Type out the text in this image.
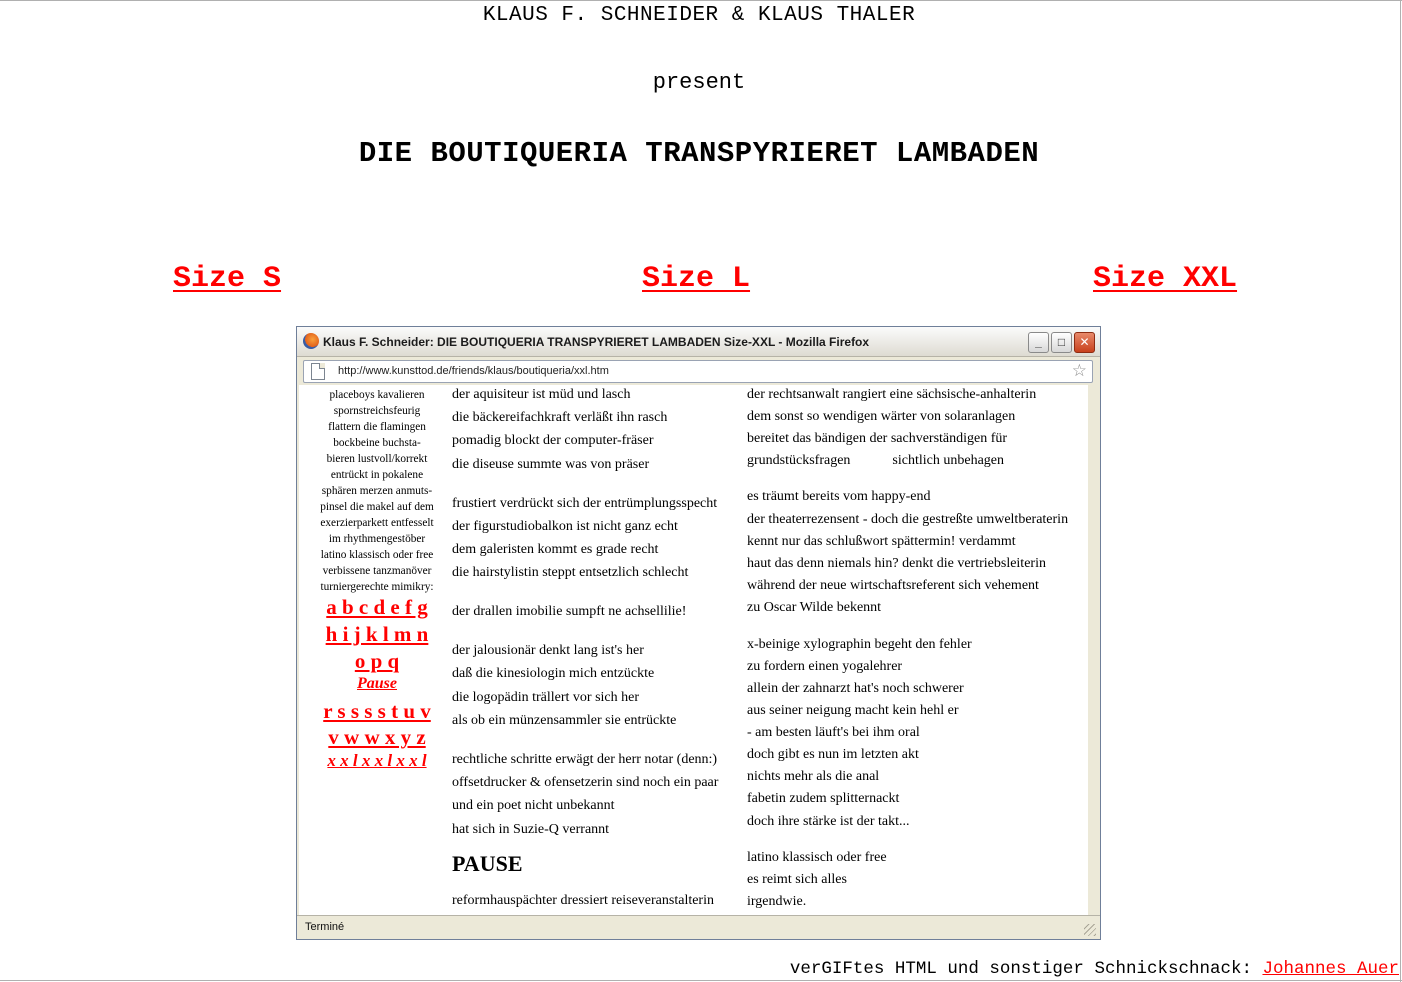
KLAUS F. SCHNEIDER & KLAUS THALER
present
DIE BOUTIQUERIA TRANSPYRIERET LAMBADEN
Size S	Size L	Size XXL
Klaus F. Schneider: DIE BOUTIQUERIA TRANSPYRIERET LAMBADEN Size-XXL - Mozilla Firefox	_	□	✕
http://www.kunsttod.de/friends/klaus/boutiqueria/xxl.htm	☆
placeboys kavalieren
spornstreichsfeurig
flattern die flamingen
bockbeine buchsta-
bieren lustvoll/korrekt
entrückt in pokalene
sphären merzen anmuts-
pinsel die makel auf dem
exerzierparkett entfesselt
im rhythmengestöber
latino klassisch oder free
verbissene tanzmanöver
turniergerechte mimikry:
a b c d e f g
h i j k l m n
o p q
Pause
r s s s s t u v
v w w x y z
x x l x x l x x l
der aquisiteur ist müd und lasch
die bäckereifachkraft verläßt ihn rasch
pomadig blockt der computer-fräser
die diseuse summte was von präser
frustiert verdrückt sich der entrümplungsspecht
der figurstudiobalkon ist nicht ganz echt
dem galeristen kommt es grade recht
die hairstylistin steppt entsetzlich schlecht
der drallen imobilie sumpft ne achsellilie!
der jalousionär denkt lang ist's her
daß die kinesiologin mich entzückte
die logopädin trällert vor sich her
als ob ein münzensammler sie entrückte
rechtliche schritte erwägt der herr notar (denn:)
offsetdrucker & ofensetzerin sind noch ein paar
und ein poet nicht unbekannt
hat sich in Suzie-Q verrannt
PAUSE
reformhauspächter dressiert reiseveranstalterin
der rechtsanwalt rangiert eine sächsische-anhalterin
dem sonst so wendigen wärter von solaranlagen
bereitet das bändigen der sachverständigen für
grundstücksfragen            sichtlich unbehagen
es träumt bereits vom happy-end
der theaterrezensent - doch die gestreßte umweltberaterin
kennt nur das schlußwort spättermin! verdammt
haut das denn niemals hin? denkt die vertriebsleiterin
während der neue wirtschaftsreferent sich vehement
zu Oscar Wilde bekennt
x-beinige xylographin begeht den fehler
zu fordern einen yogalehrer
allein der zahnarzt hat's noch schwerer
aus seiner neigung macht kein hehl er
- am besten läuft's bei ihm oral
doch gibt es nun im letzten akt
nichts mehr als die anal
fabetin zudem splitternackt
doch ihre stärke ist der takt...
latino klassisch oder free
es reimt sich alles
irgendwie.
Terminé
verGIFtes HTML und sonstiger Schnickschnack: Johannes Auer
